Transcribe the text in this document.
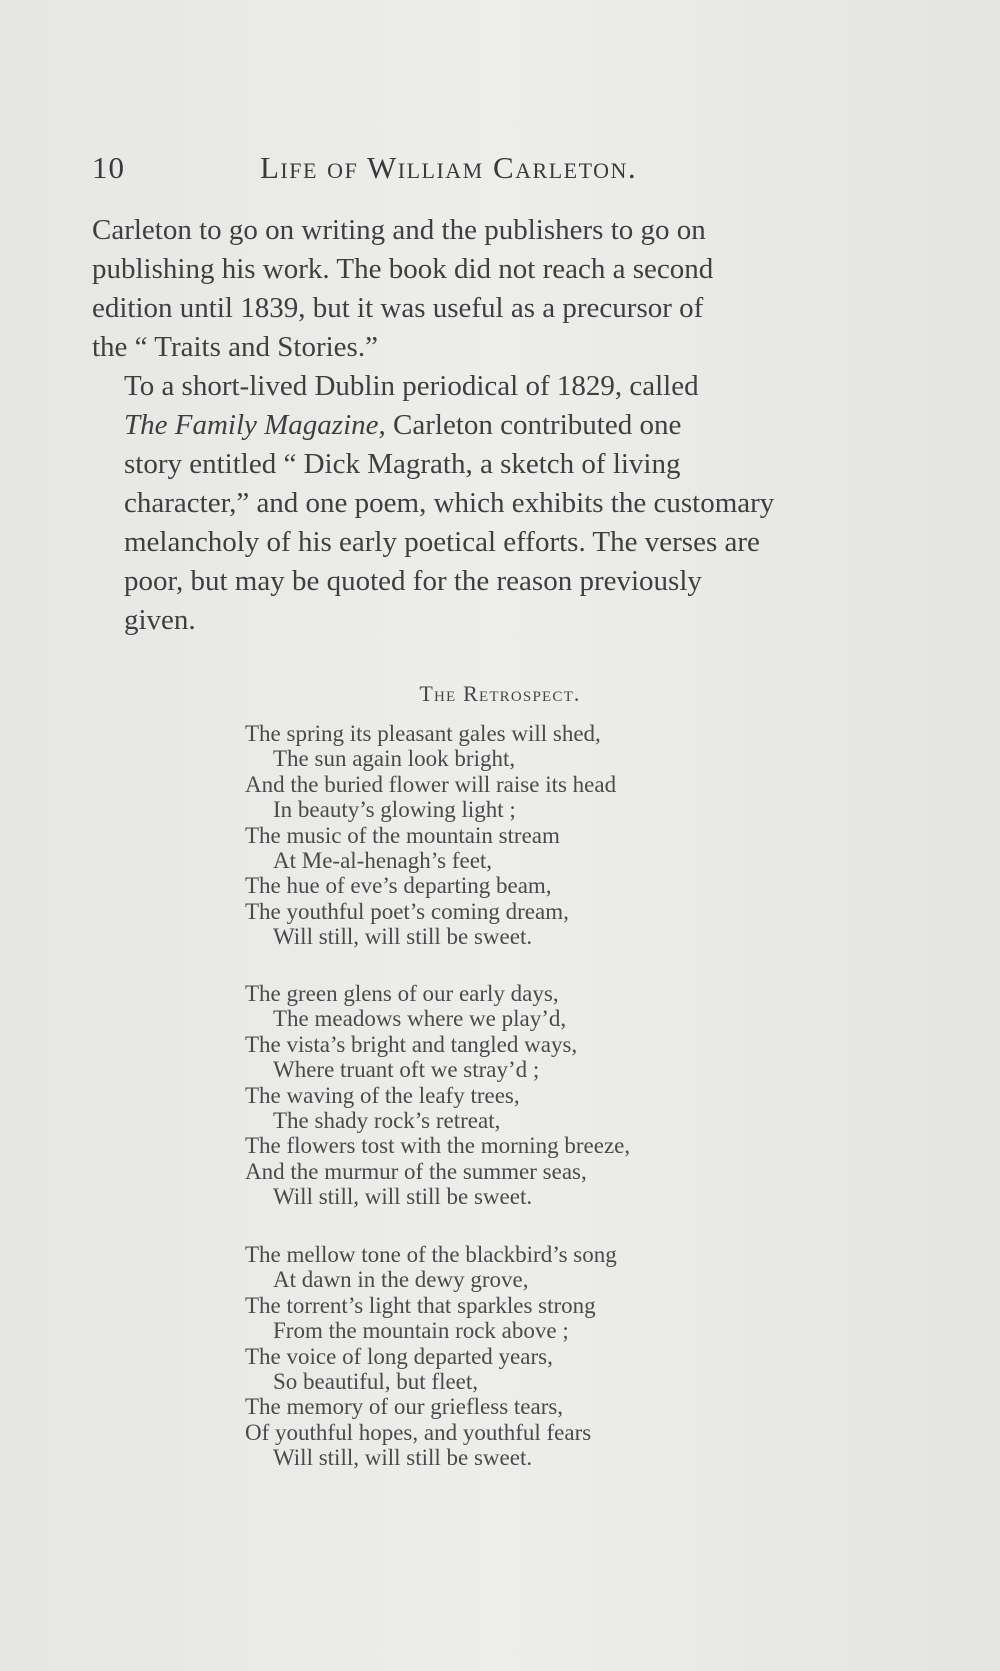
10	Life of William Carleton.

Carleton to go on writing and the publishers to go on
publishing his work. The book did not reach a second
edition until 1839, but it was useful as a precursor of
the “ Traits and Stories.”

To a short-lived Dublin periodical of 1829, called
The Family Magazine, Carleton contributed one
story entitled “ Dick Magrath, a sketch of living
character,” and one poem, which exhibits the customary
melancholy of his early poetical efforts. The verses are
poor, but may be quoted for the reason previously
given.

The Retrospect.
The spring its pleasant gales will shed,
The sun again look bright,
And the buried flower will raise its head
In beauty’s glowing light ;
The music of the mountain stream
At Me-al-henagh’s feet,
The hue of eve’s departing beam,
The youthful poet’s coming dream,
Will still, will still be sweet.
The green glens of our early days,
The meadows where we play’d,
The vista’s bright and tangled ways,
Where truant oft we stray’d ;
The waving of the leafy trees,
The shady rock’s retreat,
The flowers tost with the morning breeze,
And the murmur of the summer seas,
Will still, will still be sweet.
The mellow tone of the blackbird’s song
At dawn in the dewy grove,
The torrent’s light that sparkles strong
From the mountain rock above ;
The voice of long departed years,
So beautiful, but fleet,
The memory of our griefless tears,
Of youthful hopes, and youthful fears
Will still, will still be sweet.
